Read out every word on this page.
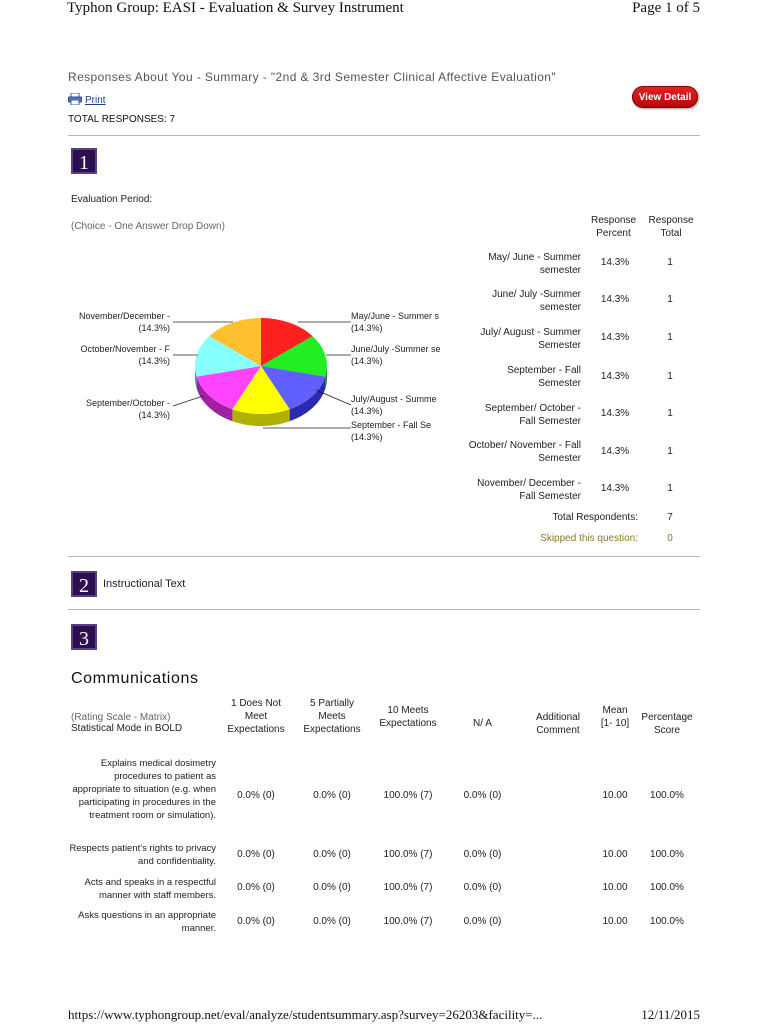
Typhon Group: EASI - Evaluation & Survey Instrument	Page 1 of 5
Responses About You - Summary - "2nd & 3rd Semester Clinical Affective Evaluation"
Print	View Detail
TOTAL RESPONSES: 7
1
Evaluation Period:
(Choice - One Answer Drop Down)
November/December -
(14.3%)
October/November - F
(14.3%)
September/October -
(14.3%)
May/June - Summer s
(14.3%)
June/July -Summer se
(14.3%)
July/August - Summe
(14.3%)
September - Fall Se
(14.3%)
Response Percent
Response Total
May/ June - Summer semester
14.3%	1
June/ July -Summer semester
14.3%	1
July/ August - Summer Semester
14.3%	1
September - Fall Semester
14.3%	1
September/ October - Fall Semester
14.3%	1
October/ November - Fall Semester
14.3%	1
November/ December - Fall Semester
14.3%	1
Total Respondents:	7
Skipped this question:	0
2	Instructional Text
3
Communications
(Rating Scale - Matrix)
Statistical Mode in BOLD
1 Does Not Meet Expectations
5 Partially Meets Expectations
10 Meets Expectations	N/ A
Additional Comment
Mean [1- 10]
Percentage Score
Explains medical dosimetry procedures to patient as appropriate to situation (e.g. when participating in procedures in the treatment room or simulation).
0.0% (0)	0.0% (0)	100.0% (7)	0.0% (0)	10.00	100.0%
Respects patient's rights to privacy and confidentiality.
0.0% (0)	0.0% (0)	100.0% (7)	0.0% (0)	10.00	100.0%
Acts and speaks in a respectful manner with staff members.
0.0% (0)	0.0% (0)	100.0% (7)	0.0% (0)	10.00	100.0%
Asks questions in an appropriate manner.
0.0% (0)	0.0% (0)	100.0% (7)	0.0% (0)	10.00	100.0%
https://www.typhongroup.net/eval/analyze/studentsummary.asp?survey=26203&facility=...	12/11/2015
